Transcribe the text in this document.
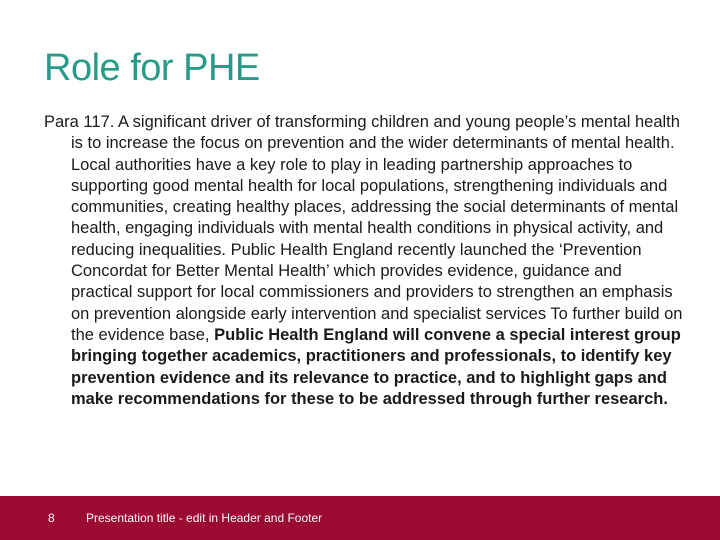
Role for PHE

Para 117. A significant driver of transforming children and young people’s mental health is to increase the focus on prevention and the wider determinants of mental health. Local authorities have a key role to play in leading partnership approaches to supporting good mental health for local populations, strengthening individuals and communities, creating healthy places, addressing the social determinants of mental health, engaging individuals with mental health conditions in physical activity, and reducing inequalities. Public Health England recently launched the ‘Prevention Concordat for Better Mental Health’ which provides evidence, guidance and practical support for local commissioners and providers to strengthen an emphasis on prevention alongside early intervention and specialist services To further build on the evidence base, Public Health England will convene a special interest group bringing together academics, practitioners and professionals, to identify key prevention evidence and its relevance to practice, and to highlight gaps and make recommendations for these to be addressed through further research.

8	Presentation title - edit in Header and Footer
